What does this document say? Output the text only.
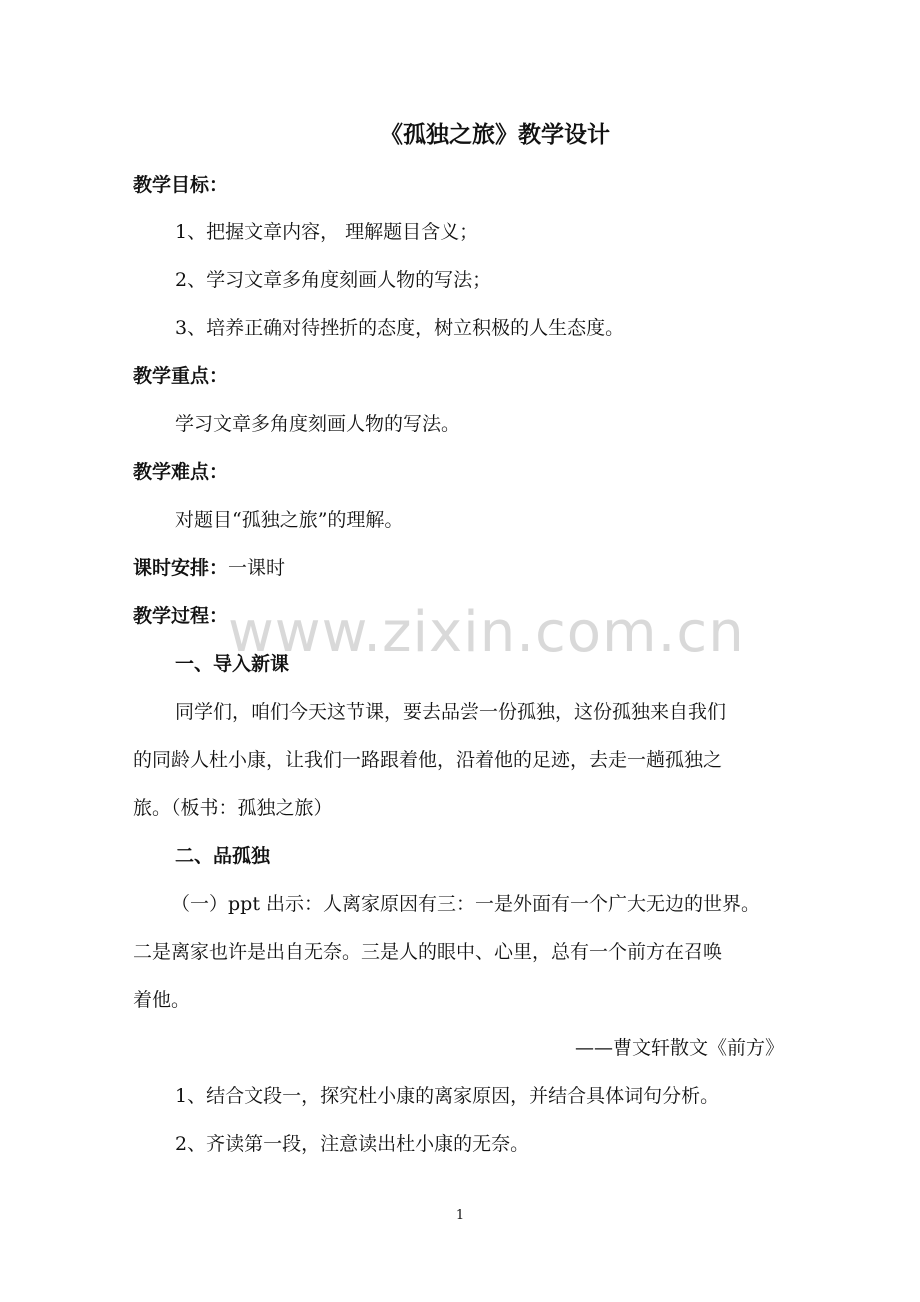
《孤独之旅》教学设计
教学目标：
1、把握文章内容， 理解题目含义；
2、学习文章多角度刻画人物的写法；
3、培养正确对待挫折的态度，树立积极的人生态度。
教学重点：
学习文章多角度刻画人物的写法。
教学难点：
对题目“孤独之旅”的理解。
课时安排：一课时
教学过程：
一、导入新课
同学们，咱们今天这节课，要去品尝一份孤独，这份孤独来自我们
的同龄人杜小康，让我们一路跟着他，沿着他的足迹，去走一趟孤独之
旅。（板书：孤独之旅）
二、品孤独
（一）ppt 出示：人离家原因有三：一是外面有一个广大无边的世界。
二是离家也许是出自无奈。三是人的眼中、心里，总有一个前方在召唤
着他。
——曹文轩散文《前方》
1、结合文段一，探究杜小康的离家原因，并结合具体词句分析。
2、齐读第一段，注意读出杜小康的无奈。
www.zixin.com.cn
1
